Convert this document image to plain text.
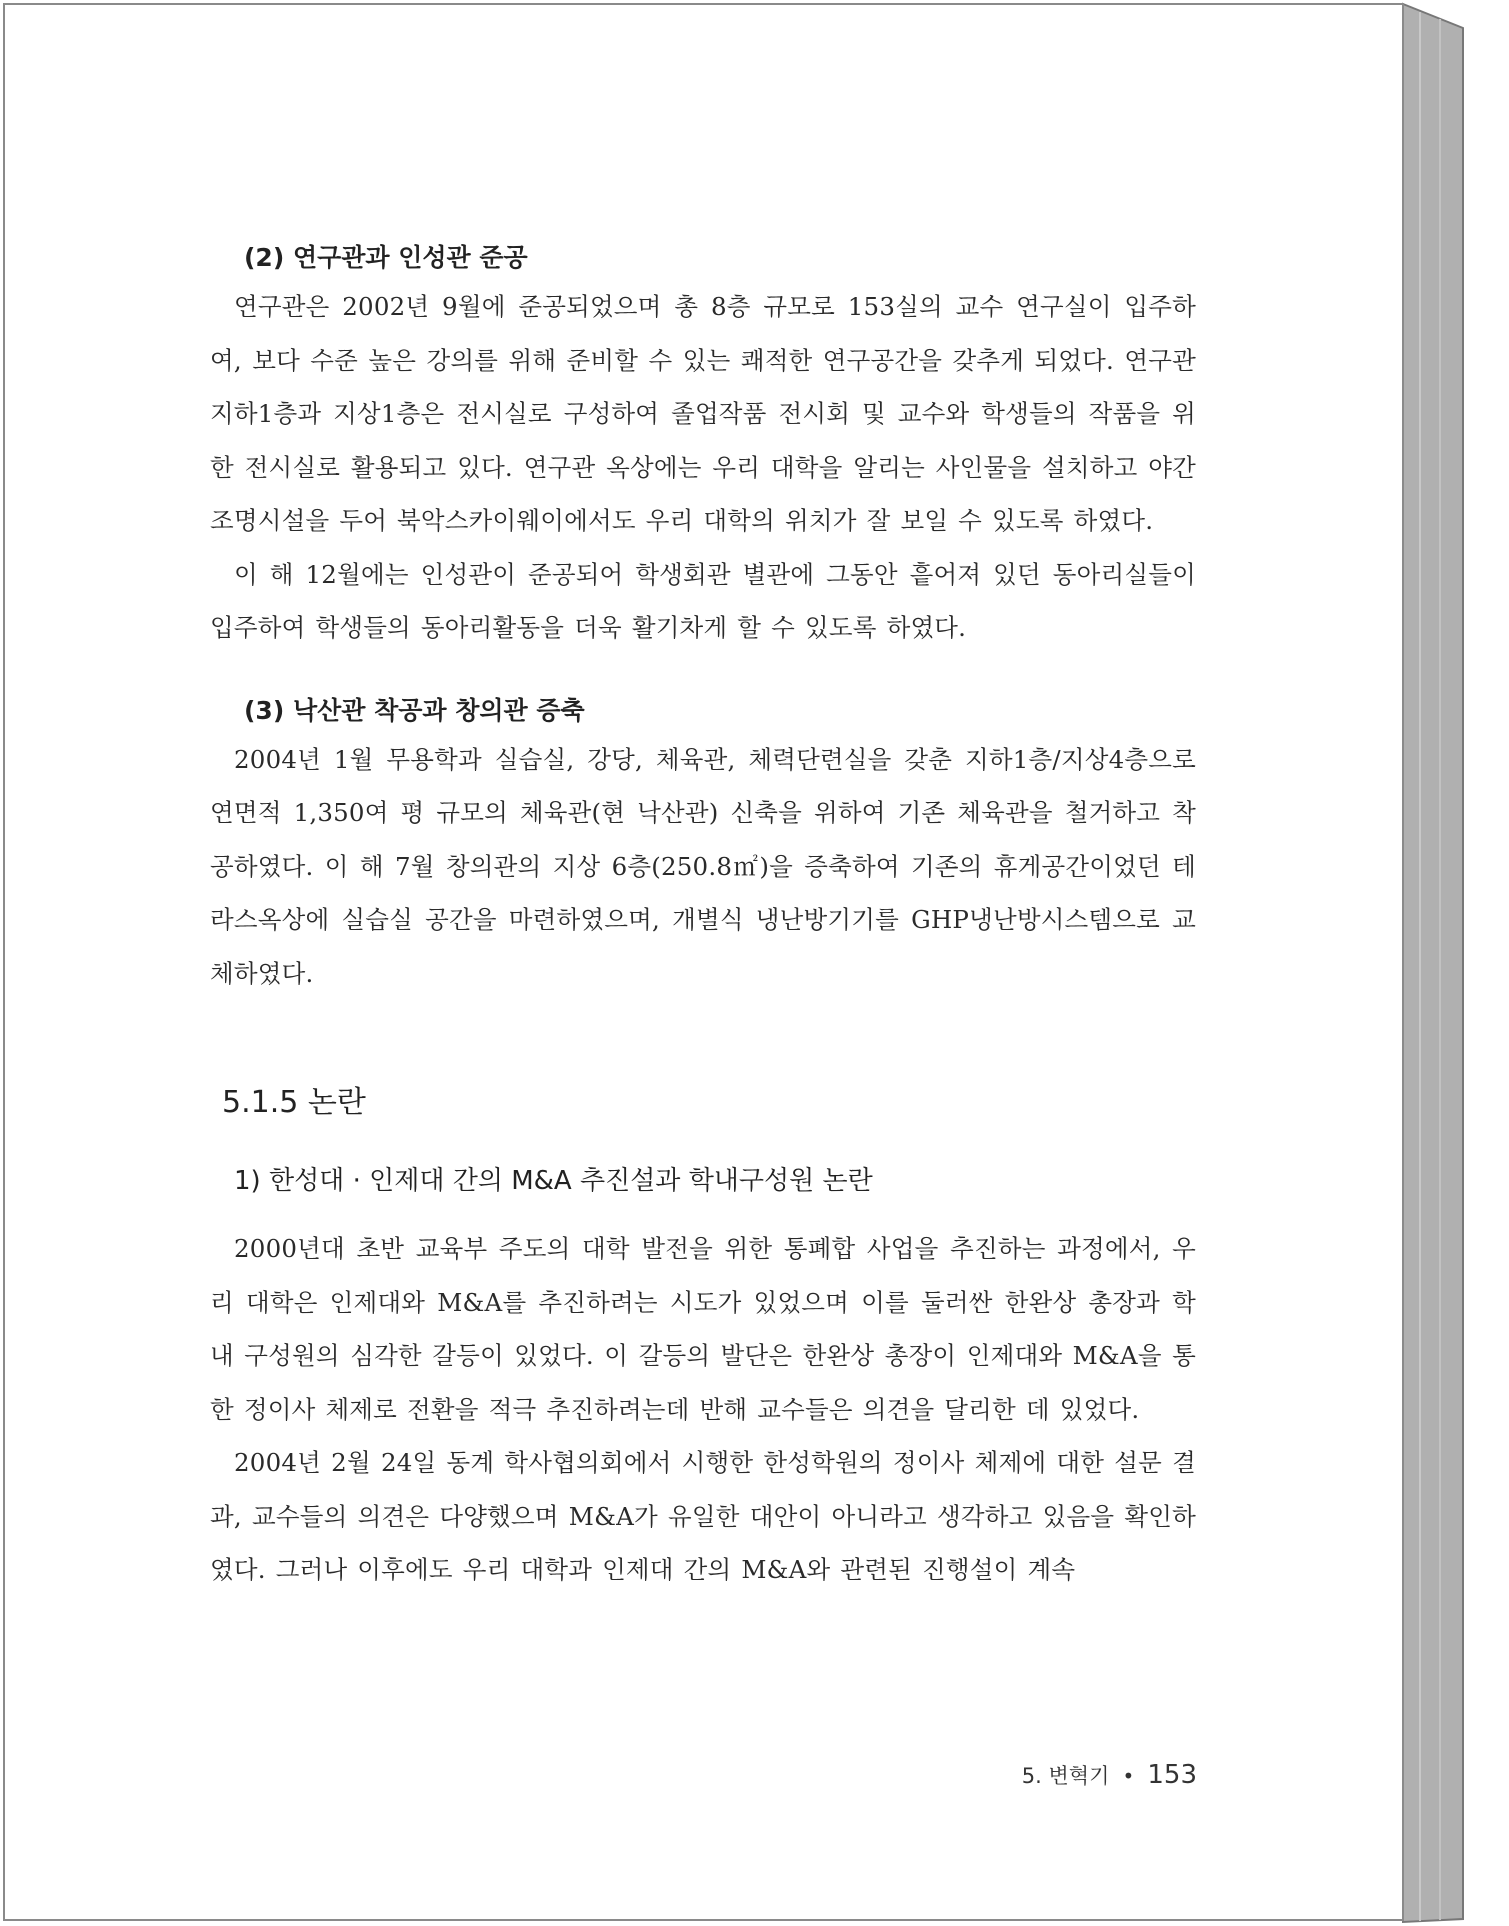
(2) 연구관과 인성관 준공

연구관은 2002년 9월에 준공되었으며 총 8층 규모로 153실의 교수 연구실이 입주하여, 보다 수준 높은 강의를 위해 준비할 수 있는 쾌적한 연구공간을 갖추게 되었다. 연구관 지하1층과 지상1층은 전시실로 구성하여 졸업작품 전시회 및 교수와 학생들의 작품을 위한 전시실로 활용되고 있다. 연구관 옥상에는 우리 대학을 알리는 사인물을 설치하고 야간조명시설을 두어 북악스카이웨이에서도 우리 대학의 위치가 잘 보일 수 있도록 하였다.

이 해 12월에는 인성관이 준공되어 학생회관 별관에 그동안 흩어져 있던 동아리실들이 입주하여 학생들의 동아리활동을 더욱 활기차게 할 수 있도록 하였다.

(3) 낙산관 착공과 창의관 증축

2004년 1월 무용학과 실습실, 강당, 체육관, 체력단련실을 갖춘 지하1층/지상4층으로 연면적 1,350여 평 규모의 체육관(현 낙산관) 신축을 위하여 기존 체육관을 철거하고 착공하였다. 이 해 7월 창의관의 지상 6층(250.8㎡)을 증축하여 기존의 휴게공간이었던 테라스옥상에 실습실 공간을 마련하였으며, 개별식 냉난방기기를 GHP냉난방시스템으로 교체하였다.

5.1.5 논란
1) 한성대 · 인제대 간의 M&A 추진설과 학내구성원 논란

2000년대 초반 교육부 주도의 대학 발전을 위한 통폐합 사업을 추진하는 과정에서, 우리 대학은 인제대와 M&A를 추진하려는 시도가 있었으며 이를 둘러싼 한완상 총장과 학내 구성원의 심각한 갈등이 있었다. 이 갈등의 발단은 한완상 총장이 인제대와 M&A을 통한 정이사 체제로 전환을 적극 추진하려는데 반해 교수들은 의견을 달리한 데 있었다.

2004년 2월 24일 동계 학사협의회에서 시행한 한성학원의 정이사 체제에 대한 설문 결과, 교수들의 의견은 다양했으며 M&A가 유일한 대안이 아니라고 생각하고 있음을 확인하였다. 그러나 이후에도 우리 대학과 인제대 간의 M&A와 관련된 진행설이 계속

5. 변혁기 • 153
